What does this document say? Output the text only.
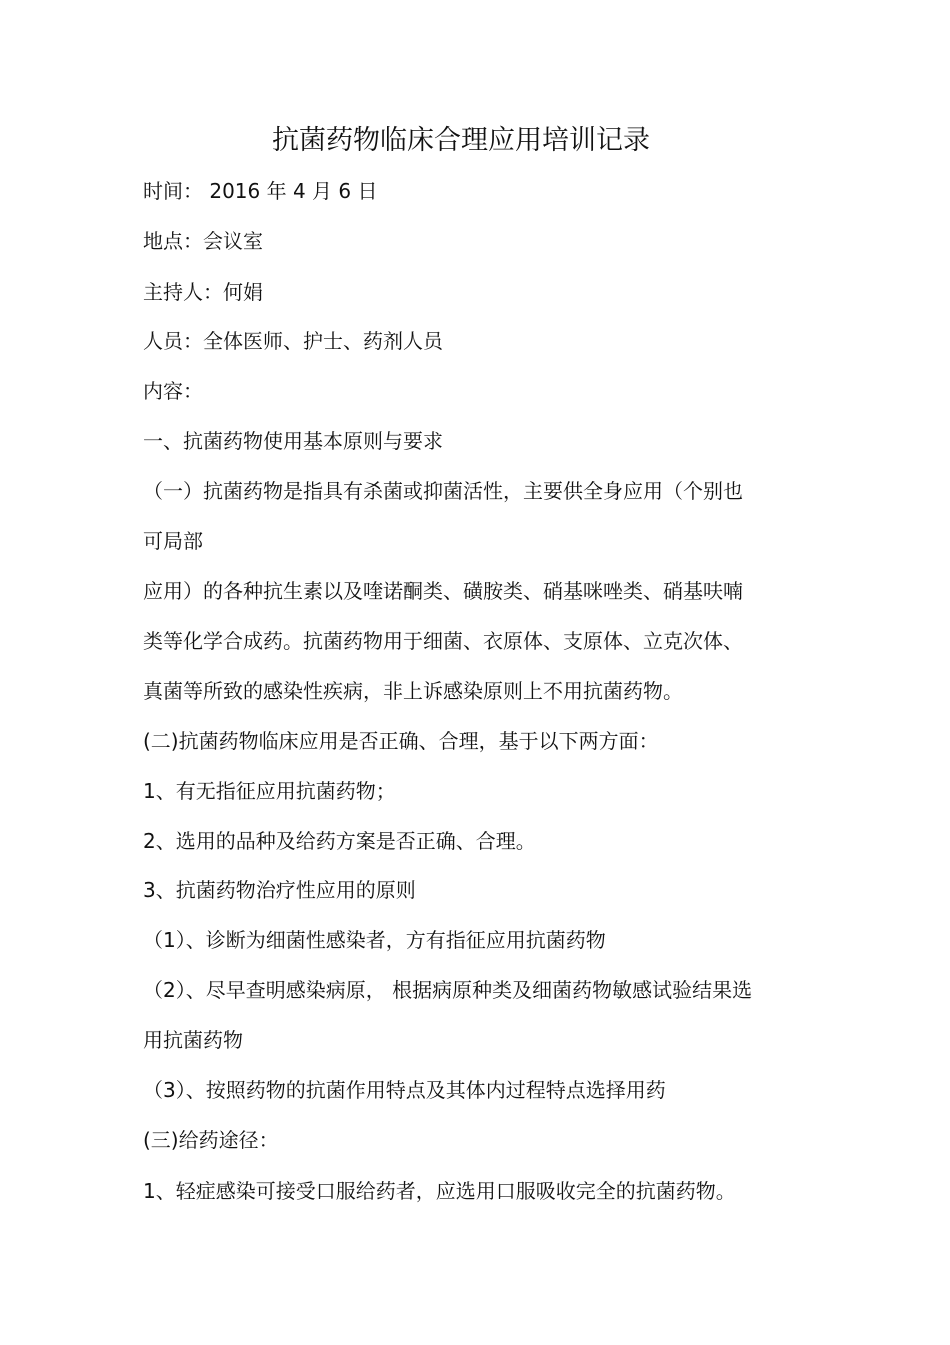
抗菌药物临床合理应用培训记录
时间： 2016 年 4 月 6 日
地点：会议室
主持人：何娟
人员：全体医师、护士、药剂人员
内容：
一、抗菌药物使用基本原则与要求
（一）抗菌药物是指具有杀菌或抑菌活性，主要供全身应用（个别也
可局部
应用）的各种抗生素以及喹诺酮类、磺胺类、硝基咪唑类、硝基呋喃
类等化学合成药。抗菌药物用于细菌、衣原体、支原体、立克次体、
真菌等所致的感染性疾病，非上诉感染原则上不用抗菌药物。
(二)抗菌药物临床应用是否正确、合理，基于以下两方面：
1、有无指征应用抗菌药物；
2、选用的品种及给药方案是否正确、合理。
3、抗菌药物治疗性应用的原则
（1）、诊断为细菌性感染者，方有指征应用抗菌药物
（2）、尽早查明感染病原， 根据病原种类及细菌药物敏感试验结果选
用抗菌药物
（3）、按照药物的抗菌作用特点及其体内过程特点选择用药
(三)给药途径：
1、轻症感染可接受口服给药者，应选用口服吸收完全的抗菌药物。
